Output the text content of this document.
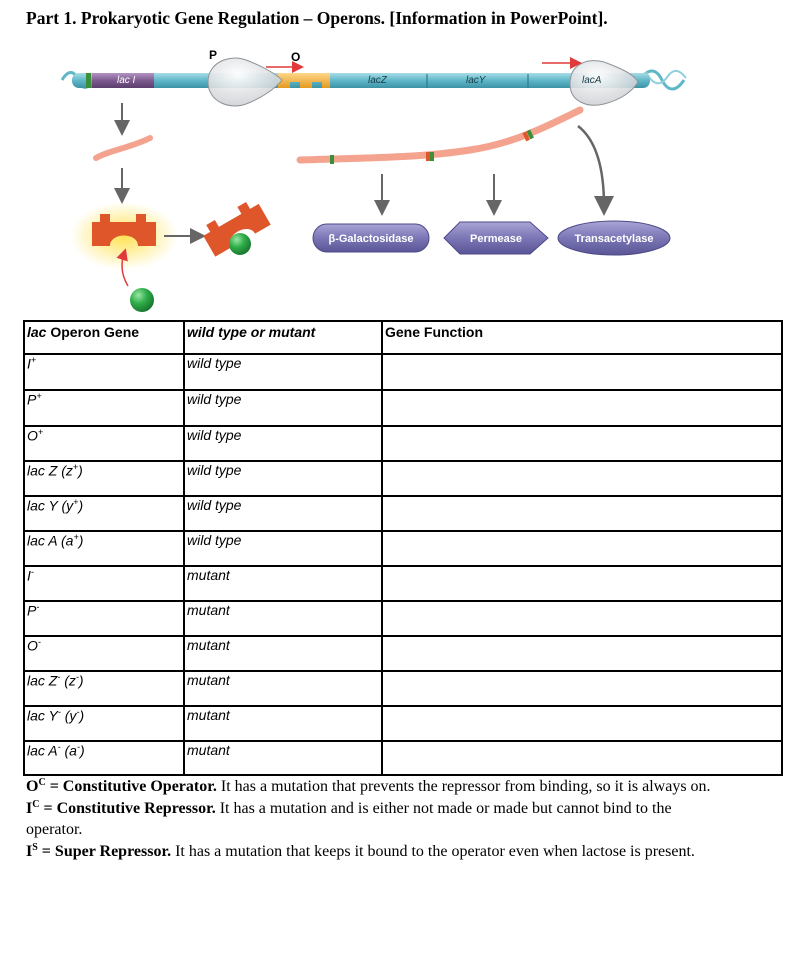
Part 1. Prokaryotic Gene Regulation – Operons. [Information in PowerPoint].
lac I
P	O
lacZ	lacY	lacA
β-Galactosidase	Permease	Transacetylase
lac Operon Gene	wild type or mutant	Gene Function
I+	wild type	
P+	wild type	
O+	wild type	
lac Z (z+)	wild type	
lac Y (y+)	wild type	
lac A (a+)	wild type	
I-	mutant	
P-	mutant	
O-	mutant	
lac Z- (z-)	mutant	
lac Y- (y-)	mutant	
lac A- (a-)	mutant	

$O^C$ = Constitutive Operator. It has a mutation that prevents the repressor from binding, so it is always on.

$I^C$ = Constitutive Repressor. It has a mutation and is either not made or made but cannot bind to the operator.

$I^S$ = Super Repressor. It has a mutation that keeps it bound to the operator even when lactose is present.
